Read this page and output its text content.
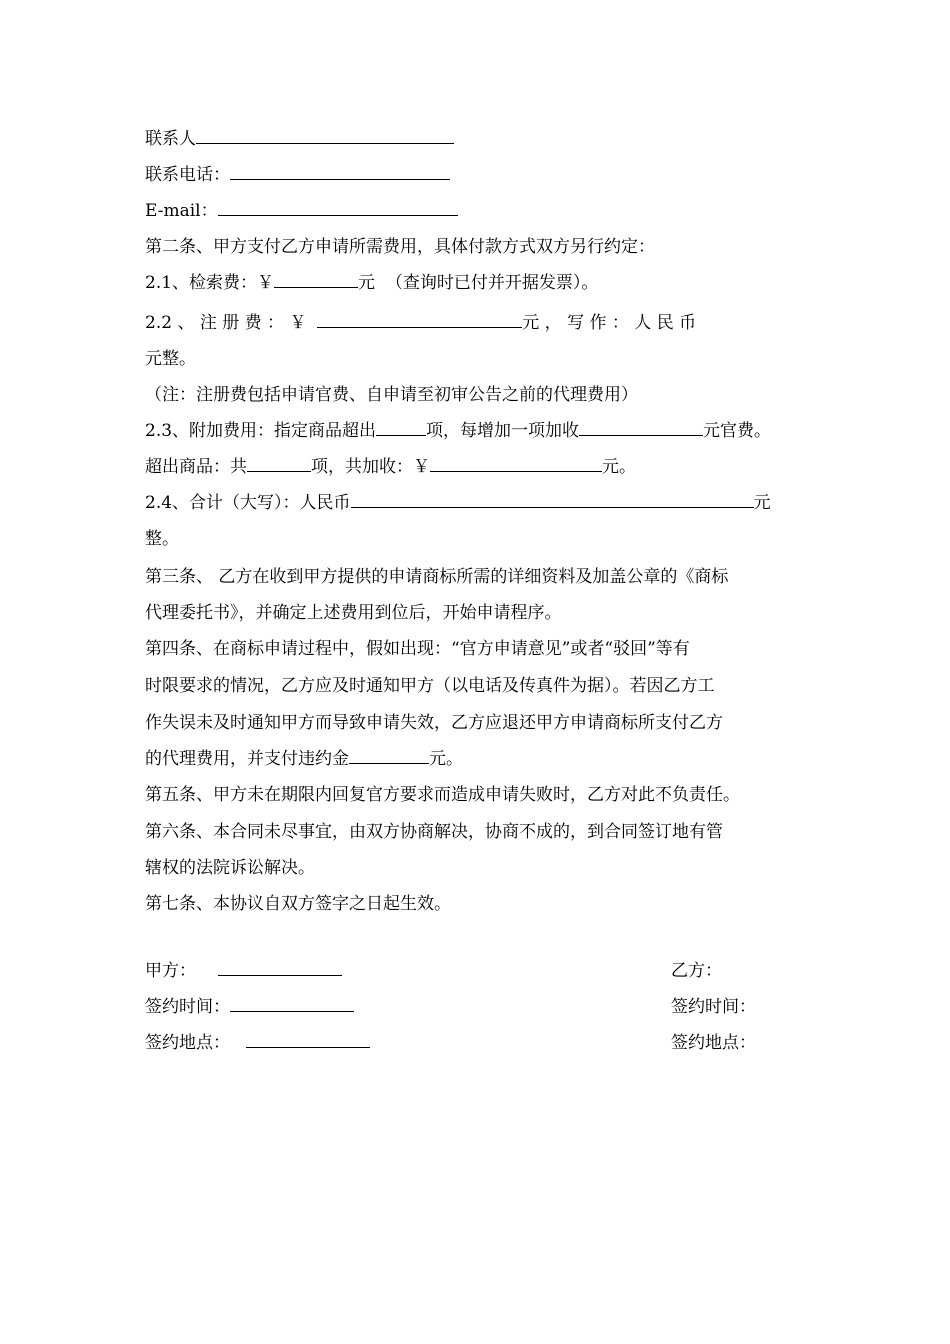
联系人
联系电话：
E-mail：
第二条、甲方支付乙方申请所需费用，具体付款方式双方另行约定：
2.1、检索费：￥	元 （查询时已付并开据发票）。
2.2 、 注 册 费 ： ￥	元 ， 写 作 ： 人 民 币
元整。
（注：注册费包括申请官费、自申请至初审公告之前的代理费用）
2.3、附加费用：指定商品超出	项，每增加一项加收	元官费。
超出商品：共	项，共加收：￥	元。
2.4、合计（大写）：人民币	元
整。
第三条、 乙方在收到甲方提供的申请商标所需的详细资料及加盖公章的《商标
代理委托书》，并确定上述费用到位后，开始申请程序。
第四条、在商标申请过程中，假如出现：“官方申请意见”或者“驳回”等有
时限要求的情况，乙方应及时通知甲方（以电话及传真件为据）。若因乙方工
作失误未及时通知甲方而导致申请失效，乙方应退还甲方申请商标所支付乙方
的代理费用，并支付违约金	元。
第五条、甲方未在期限内回复官方要求而造成申请失败时，乙方对此不负责任。
第六条、本合同未尽事宜，由双方协商解决，协商不成的，到合同签订地有管
辖权的法院诉讼解决。
第七条、本协议自双方签字之日起生效。
甲方：	乙方：
签约时间：	签约时间：
签约地点：	签约地点：
